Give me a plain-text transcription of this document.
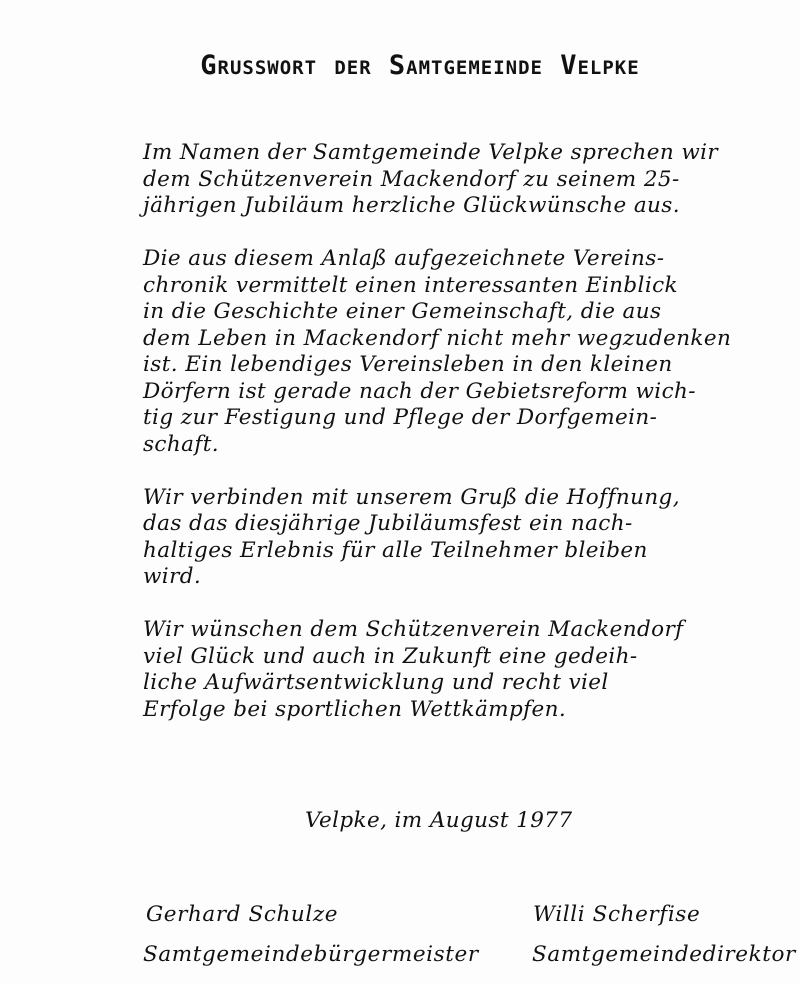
Grusswort der Samtgemeinde Velpke
Im Namen der Samtgemeinde Velpke sprechen wir
dem Schützenverein Mackendorf zu seinem 25-
jährigen Jubiläum herzliche Glückwünsche aus.
Die aus diesem Anlaß aufgezeichnete Vereins-
chronik vermittelt einen interessanten Einblick
in die Geschichte einer Gemeinschaft, die aus
dem Leben in Mackendorf nicht mehr wegzudenken
ist. Ein lebendiges Vereinsleben in den kleinen
Dörfern ist gerade nach der Gebietsreform wich-
tig zur Festigung und Pflege der Dorfgemein-
schaft.
Wir verbinden mit unserem Gruß die Hoffnung,
das das diesjährige Jubiläumsfest ein nach-
haltiges Erlebnis für alle Teilnehmer bleiben
wird.
Wir wünschen dem Schützenverein Mackendorf
viel Glück und auch in Zukunft eine gedeih-
liche Aufwärtsentwicklung und recht viel
Erfolge bei sportlichen Wettkämpfen.
Velpke, im August 1977
Gerhard Schulze
Samtgemeindebürgermeister
Willi Scherfise
Samtgemeindedirektor
